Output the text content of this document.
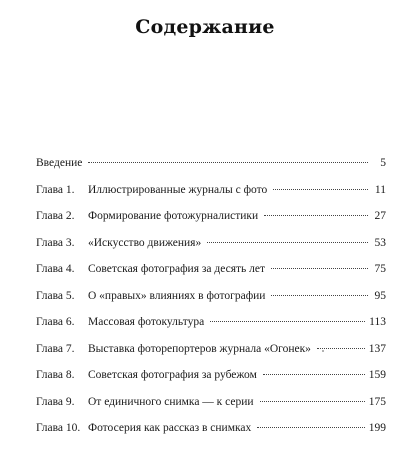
Содержание
Введение	5
Глава 1.	Иллюстрированные журналы с фото	11
Глава 2.	Формирование фотожурналистики	27
Глава 3.	«Искусство движения»	53
Глава 4.	Советская фотография за десять лет	75
Глава 5.	О «правых» влияниях в фотографии	95
Глава 6.	Массовая фотокультура	113
Глава 7.	Выставка фоторепортеров журнала «Огонек»	137
Глава 8.	Советская фотография за рубежом	159
Глава 9.	От единичного снимка — к серии	175
Глава 10. Фотосерия как рассказ в снимках	199
